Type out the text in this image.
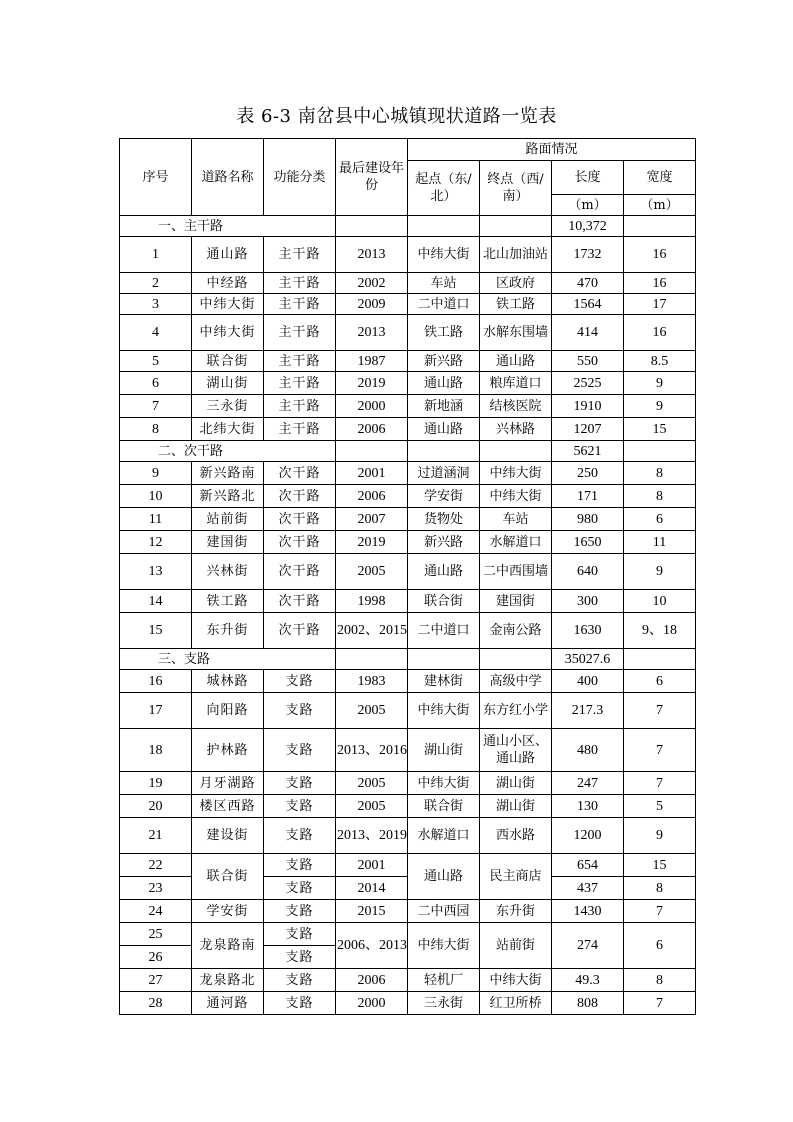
表 6-3 南岔县中心城镇现状道路一览表
序号	道路名称	功能分类	最后建设年份	路面情况			
				起点（东/北）	终点（西/南）	长度	宽度
						（m）	（m）
一、主干路						10,372	
1	通山路	主干路	2013	中纬大街	北山加油站	1732	16
2	中经路	主干路	2002	车站	区政府	470	16
3	中纬大街	主干路	2009	二中道口	铁工路	1564	17
4	中纬大街	主干路	2013	铁工路	水解东围墙	414	16
5	联合街	主干路	1987	新兴路	通山路	550	8.5
6	湖山街	主干路	2019	通山路	粮库道口	2525	9
7	三永街	主干路	2000	新地涵	结核医院	1910	9
8	北纬大街	主干路	2006	通山路	兴林路	1207	15
二、次干路						5621	
9	新兴路南	次干路	2001	过道涵洞	中纬大街	250	8
10	新兴路北	次干路	2006	学安街	中纬大街	171	8
11	站前街	次干路	2007	货物处	车站	980	6
12	建国街	次干路	2019	新兴路	水解道口	1650	11
13	兴林街	次干路	2005	通山路	二中西围墙	640	9
14	铁工路	次干路	1998	联合街	建国街	300	10
15	东升街	次干路	2002、2015	二中道口	金南公路	1630	9、18
三、支路						35027.6	
16	城林路	支路	1983	建林街	高级中学	400	6
17	向阳路	支路	2005	中纬大街	东方红小学	217.3	7
18	护林路	支路	2013、2016	湖山街	通山小区、通山路	480	7
19	月牙湖路	支路	2005	中纬大街	湖山街	247	7
20	楼区西路	支路	2005	联合街	湖山街	130	5
21	建设街	支路	2013、2019	水解道口	西水路	1200	9
22	联合街	支路	2001	通山路	民主商店	654	15
23		支路	2014			437	8
24	学安街	支路	2015	二中西园	东升街	1430	7
25	龙泉路南	支路	2006、2013	中纬大街	站前街	274	6
26		支路					
27	龙泉路北	支路	2006	轻机厂	中纬大街	49.3	8
28	通河路	支路	2000	三永街	红卫所桥	808	7
